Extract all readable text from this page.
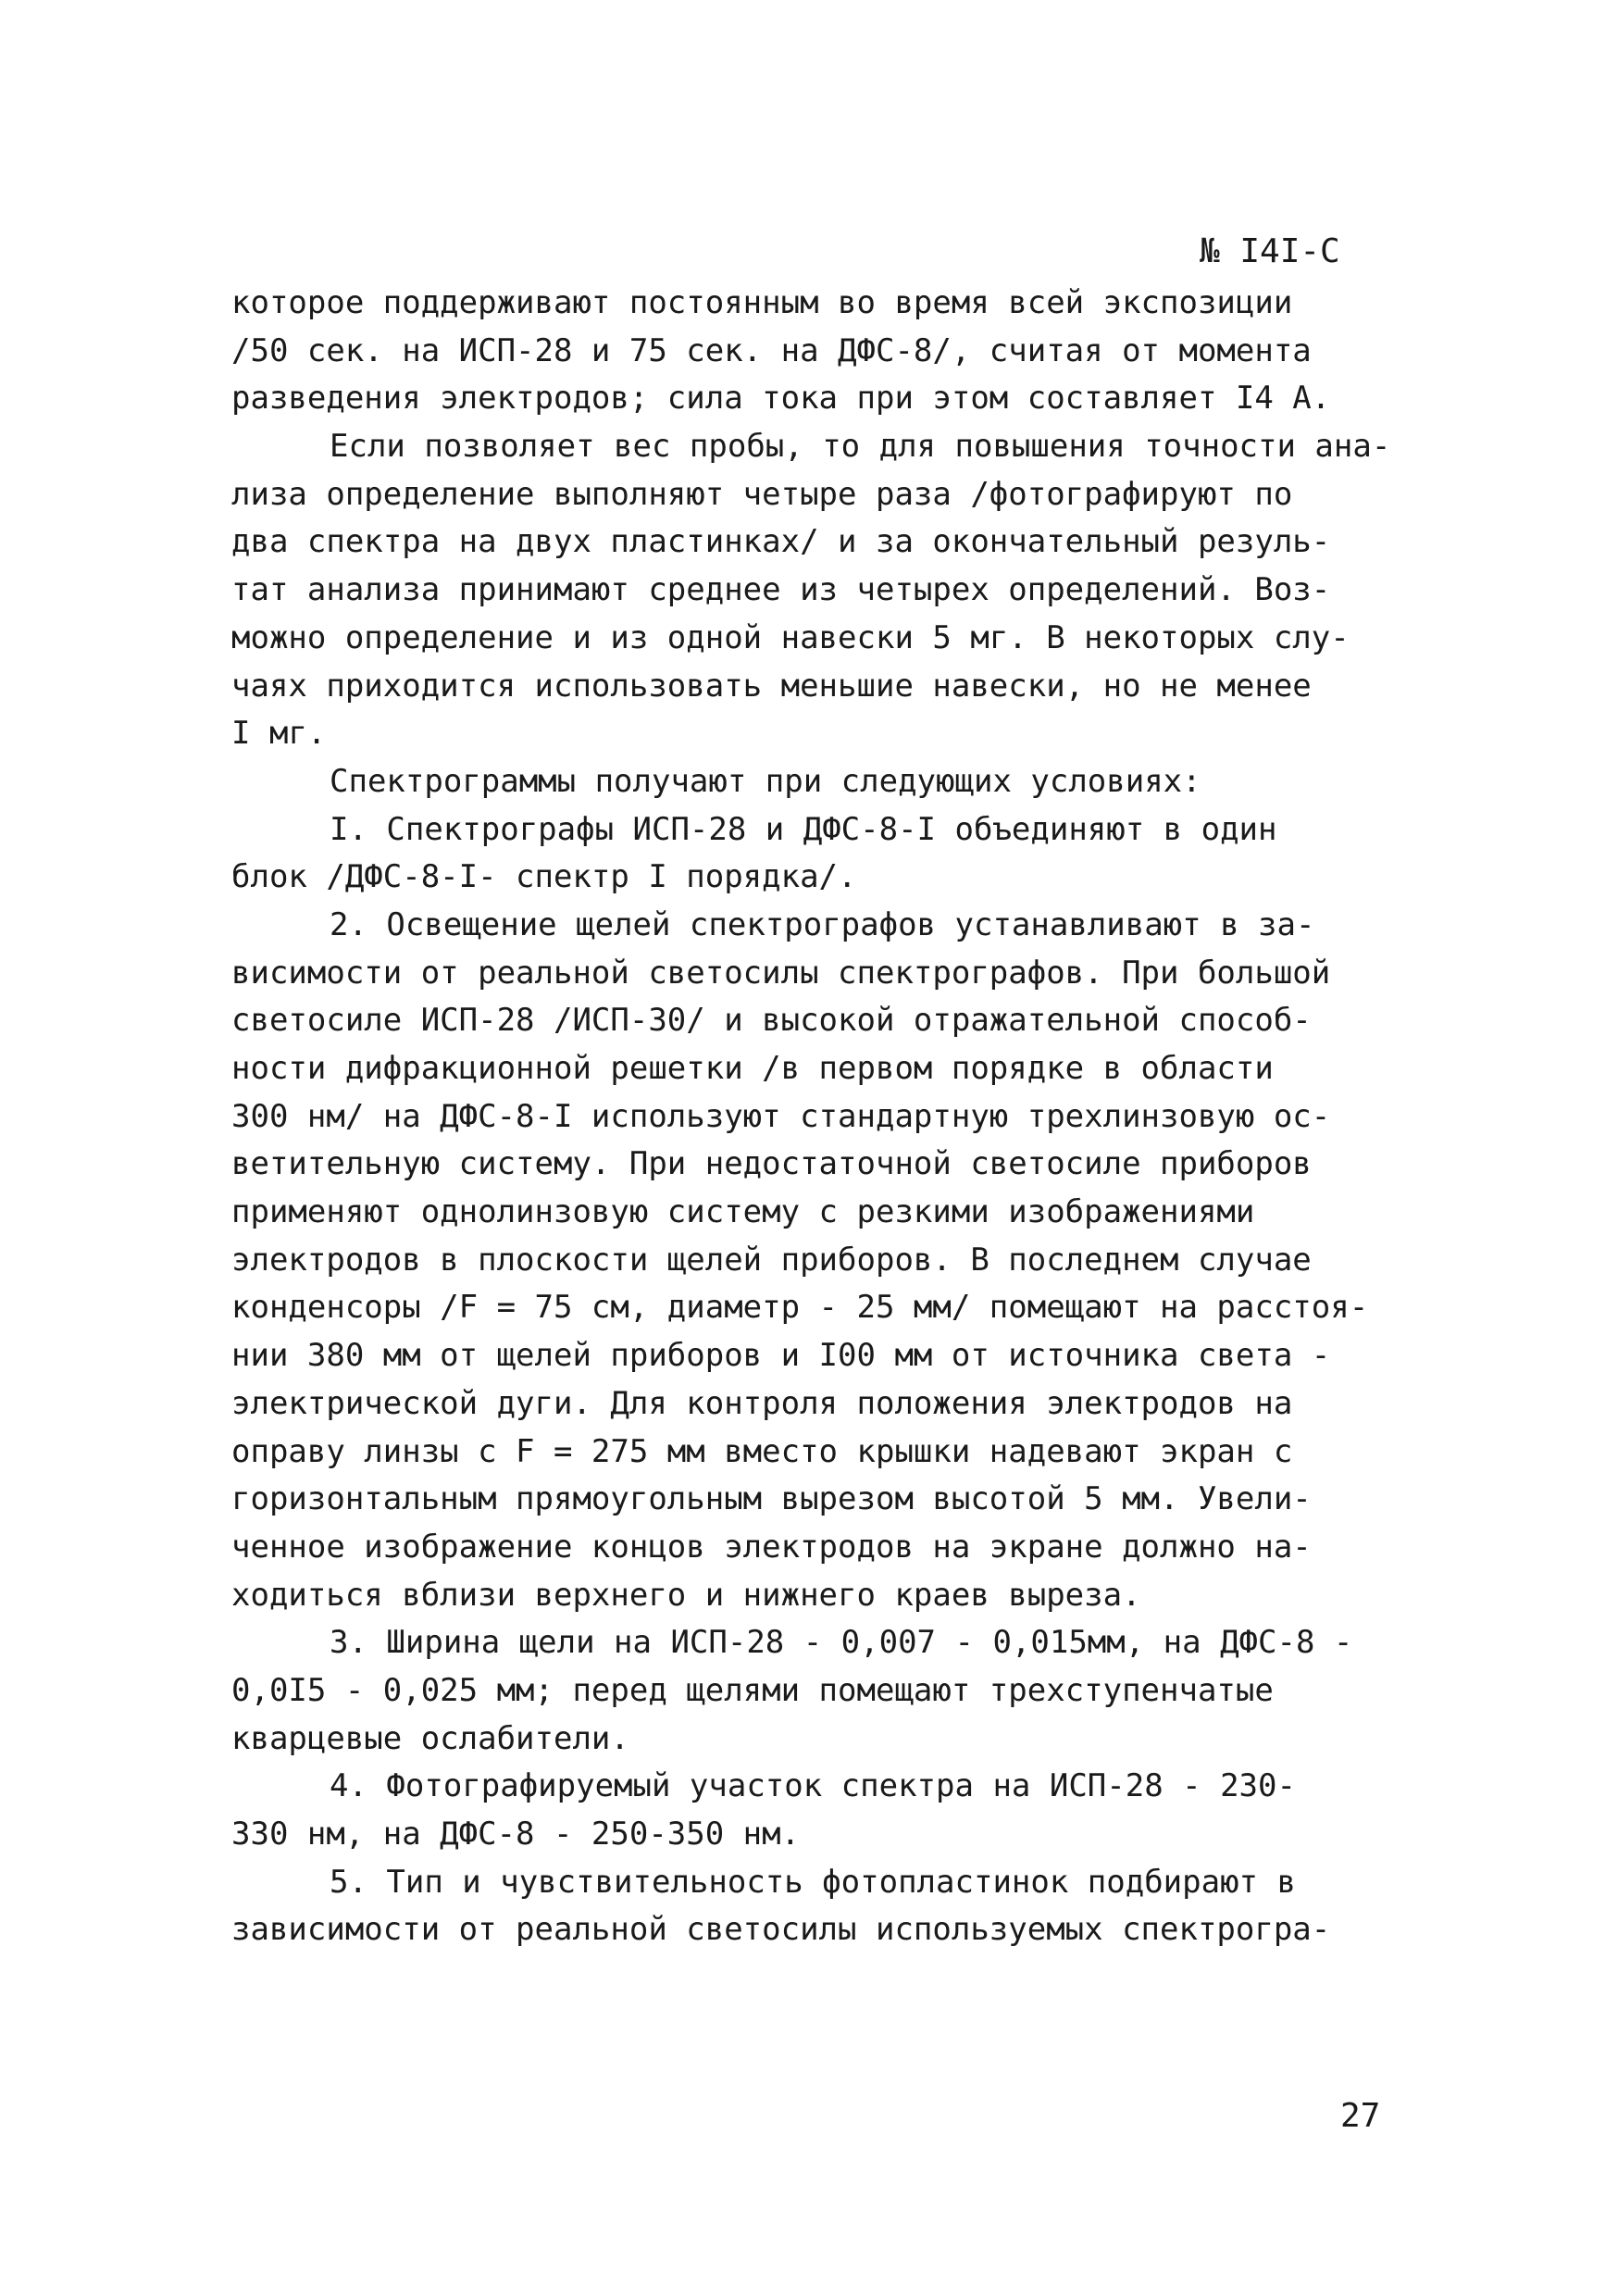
№ I4I-C
которое поддерживают постоянным во время всей экспозиции
/50 сек. на ИСП-28 и 75 сек. на ДФС-8/, считая от момента
разведения электродов; сила тока при этом составляет I4 A.
Если позволяет вес пробы, то для повышения точности ана-
лиза определение выполняют четыре раза /фотографируют по
два спектра на двух пластинках/ и за окончательный резуль-
тат анализа принимают среднее из четырех определений. Воз-
можно определение и из одной навески 5 мг. В некоторых слу-
чаях приходится использовать меньшие навески, но не менее
I мг.
Спектрограммы получают при следующих условиях:
I. Спектрографы ИСП-28 и ДФС-8-I объединяют в один
блок /ДФС-8-I- спектр I порядка/.
2. Освещение щелей спектрографов устанавливают в за-
висимости от реальной светосилы спектрографов. При большой
светосиле ИСП-28 /ИСП-30/ и высокой отражательной способ-
ности дифракционной решетки /в первом порядке в области
300 нм/ на ДФС-8-I используют стандартную трехлинзовую ос-
ветительную систему. При недостаточной светосиле приборов
применяют однолинзовую систему с резкими изображениями
электродов в плоскости щелей приборов. В последнем случае
конденсоры /F = 75 см, диаметр - 25 мм/ помещают на расстоя-
нии 380 мм от щелей приборов и I00 мм от источника света -
электрической дуги. Для контроля положения электродов на
оправу линзы с F = 275 мм вместо крышки надевают экран с
горизонтальным прямоугольным вырезом высотой 5 мм. Увели-
ченное изображение концов электродов на экране должно на-
ходиться вблизи верхнего и нижнего краев выреза.
3. Ширина щели на ИСП-28 - 0,007 - 0,015мм, на ДФС-8 -
0,0I5 - 0,025 мм; перед щелями помещают трехступенчатые
кварцевые ослабители.
4. Фотографируемый участок спектра на ИСП-28 - 230-
330 нм, на ДФС-8 - 250-350 нм.
5. Тип и чувствительность фотопластинок подбирают в
зависимости от реальной светосилы используемых спектрогра-
27
